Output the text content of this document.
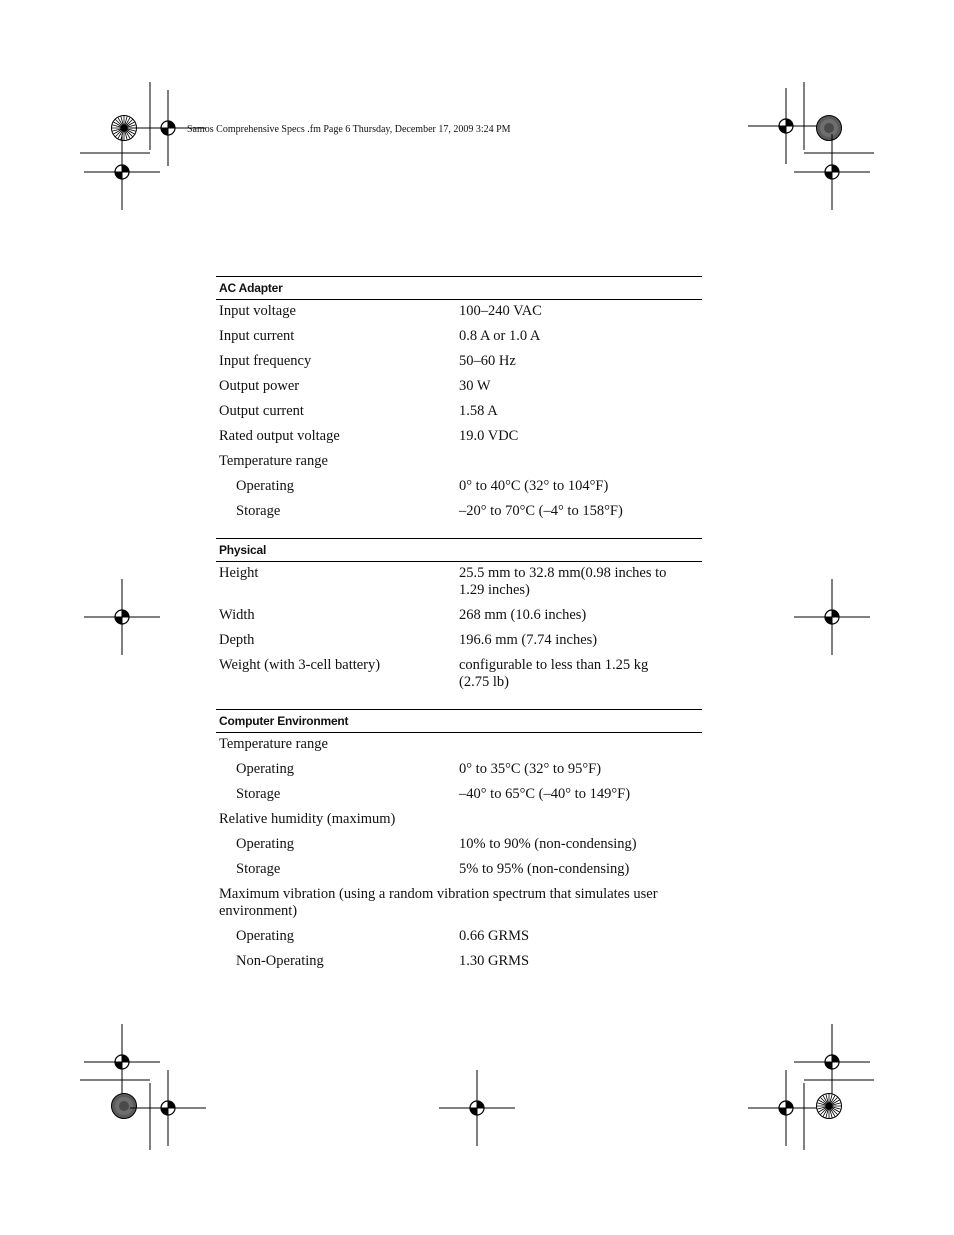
Samos Comprehensive Specs .fm Page 6 Thursday, December 17, 2009 3:24 PM
AC Adapter
Input voltage	100–240 VAC
Input current	0.8 A or 1.0 A
Input frequency	50–60 Hz
Output power	30 W
Output current	1.58 A
Rated output voltage	19.0 VDC
Temperature range
Operating	0° to 40°C (32° to 104°F)
Storage	–20° to 70°C (–4° to 158°F)
Physical
Height	25.5 mm to 32.8 mm(0.98 inches to 1.29 inches)
Width	268 mm (10.6 inches)
Depth	196.6 mm (7.74 inches)
Weight (with 3-cell battery)	configurable to less than 1.25 kg (2.75 lb)
Computer Environment
Temperature range
Operating	0° to 35°C (32° to 95°F)
Storage	–40° to 65°C (–40° to 149°F)
Relative humidity (maximum)
Operating	10% to 90% (non-condensing)
Storage	5% to 95% (non-condensing)
Maximum vibration (using a random vibration spectrum that simulates user environment)
Operating	0.66 GRMS
Non-Operating	1.30 GRMS
